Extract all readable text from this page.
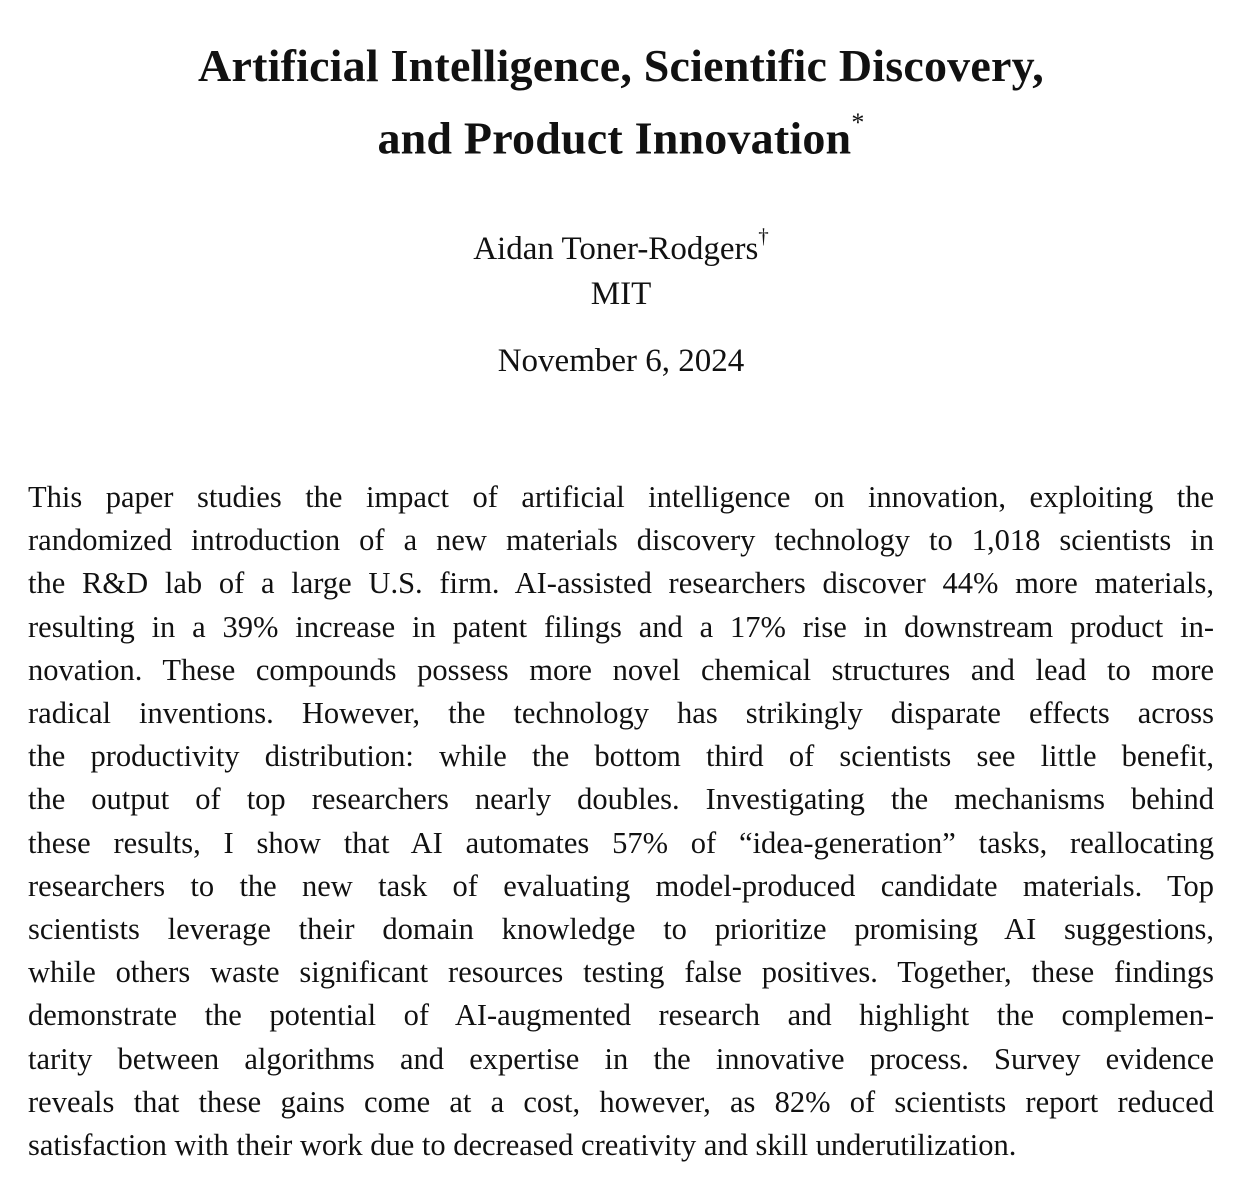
Artificial Intelligence, Scientific Discovery,
and Product Innovation*
Aidan Toner-Rodgers†
MIT
November 6, 2024
This paper studies the impact of artificial intelligence on innovation, exploiting the
randomized introduction of a new materials discovery technology to 1,018 scientists in
the R&D lab of a large U.S. firm. AI-assisted researchers discover 44% more materials,
resulting in a 39% increase in patent filings and a 17% rise in downstream product in-
novation. These compounds possess more novel chemical structures and lead to more
radical inventions. However, the technology has strikingly disparate effects across
the productivity distribution: while the bottom third of scientists see little benefit,
the output of top researchers nearly doubles. Investigating the mechanisms behind
these results, I show that AI automates 57% of “idea-generation” tasks, reallocating
researchers to the new task of evaluating model-produced candidate materials. Top
scientists leverage their domain knowledge to prioritize promising AI suggestions,
while others waste significant resources testing false positives. Together, these findings
demonstrate the potential of AI-augmented research and highlight the complemen-
tarity between algorithms and expertise in the innovative process. Survey evidence
reveals that these gains come at a cost, however, as 82% of scientists report reduced
satisfaction with their work due to decreased creativity and skill underutilization.
